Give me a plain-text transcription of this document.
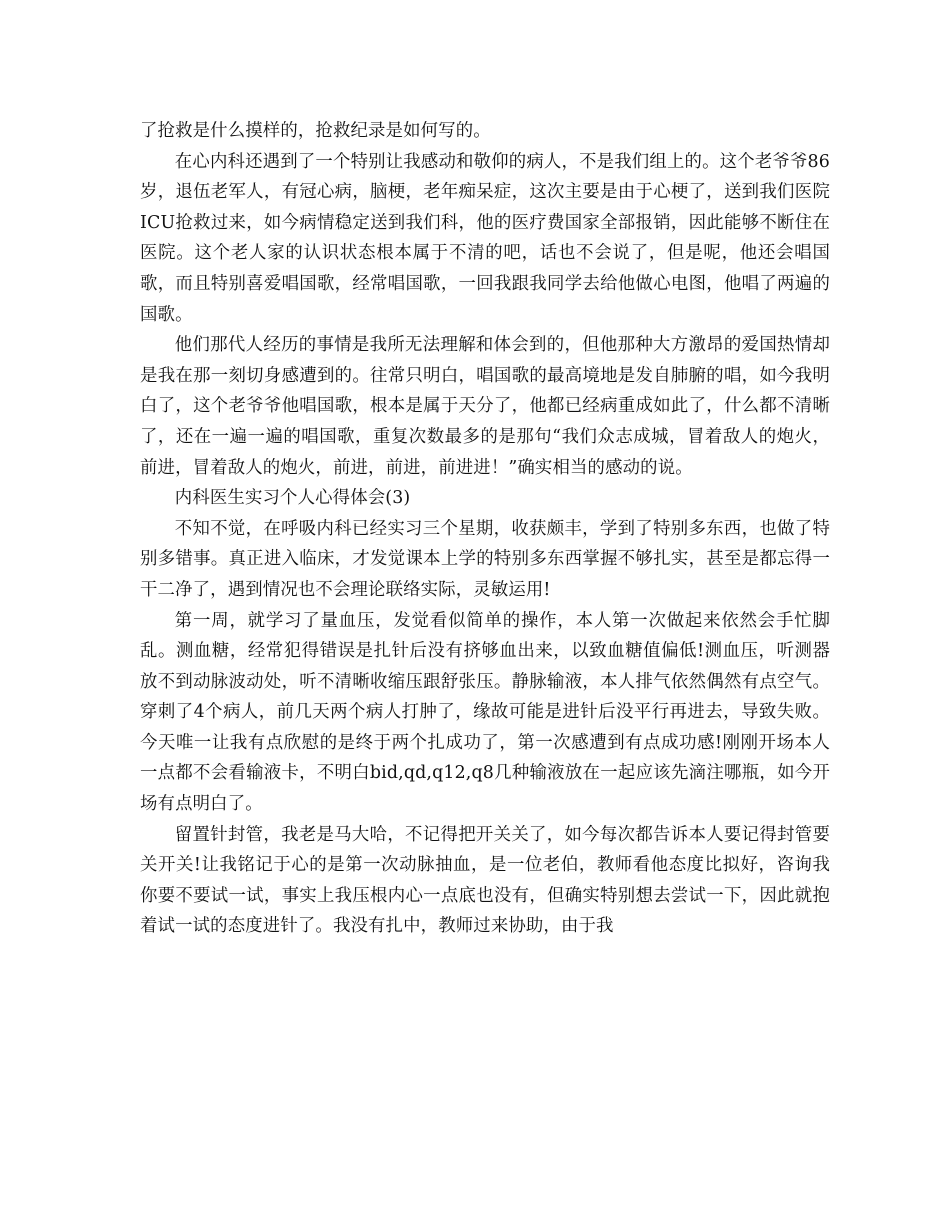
了抢救是什么摸样的，抢救纪录是如何写的。

在心内科还遇到了一个特别让我感动和敬仰的病人，不是我们组上的。这个老爷爷86岁，退伍老军人，有冠心病，脑梗，老年痴呆症，这次主要是由于心梗了，送到我们医院ICU抢救过来，如今病情稳定送到我们科，他的医疗费国家全部报销，因此能够不断住在医院。这个老人家的认识状态根本属于不清的吧，话也不会说了，但是呢，他还会唱国歌，而且特别喜爱唱国歌，经常唱国歌，一回我跟我同学去给他做心电图，他唱了两遍的国歌。

他们那代人经历的事情是我所无法理解和体会到的，但他那种大方激昂的爱国热情却是我在那一刻切身感遭到的。往常只明白，唱国歌的最高境地是发自肺腑的唱，如今我明白了，这个老爷爷他唱国歌，根本是属于天分了，他都已经病重成如此了，什么都不清晰了，还在一遍一遍的唱国歌，重复次数最多的是那句“我们众志成城，冒着敌人的炮火，前进，冒着敌人的炮火，前进，前进，前进进！”确实相当的感动的说。

内科医生实习个人心得体会(3)

不知不觉，在呼吸内科已经实习三个星期，收获颇丰，学到了特别多东西，也做了特别多错事。真正进入临床，才发觉课本上学的特别多东西掌握不够扎实，甚至是都忘得一干二净了，遇到情况也不会理论联络实际，灵敏运用!

第一周，就学习了量血压，发觉看似简单的操作，本人第一次做起来依然会手忙脚乱。测血糖，经常犯得错误是扎针后没有挤够血出来，以致血糖值偏低!测血压，听测器放不到动脉波动处，听不清晰收缩压跟舒张压。静脉输液，本人排气依然偶然有点空气。穿刺了4个病人，前几天两个病人打肿了，缘故可能是进针后没平行再进去，导致失败。今天唯一让我有点欣慰的是终于两个扎成功了，第一次感遭到有点成功感!刚刚开场本人一点都不会看输液卡，不明白bid,qd,q12,q8几种输液放在一起应该先滴注哪瓶，如今开场有点明白了。

留置针封管，我老是马大哈，不记得把开关关了，如今每次都告诉本人要记得封管要关开关!让我铭记于心的是第一次动脉抽血，是一位老伯，教师看他态度比拟好，咨询我你要不要试一试，事实上我压根内心一点底也没有，但确实特别想去尝试一下，因此就抱着试一试的态度进针了。我没有扎中，教师过来协助，由于我
